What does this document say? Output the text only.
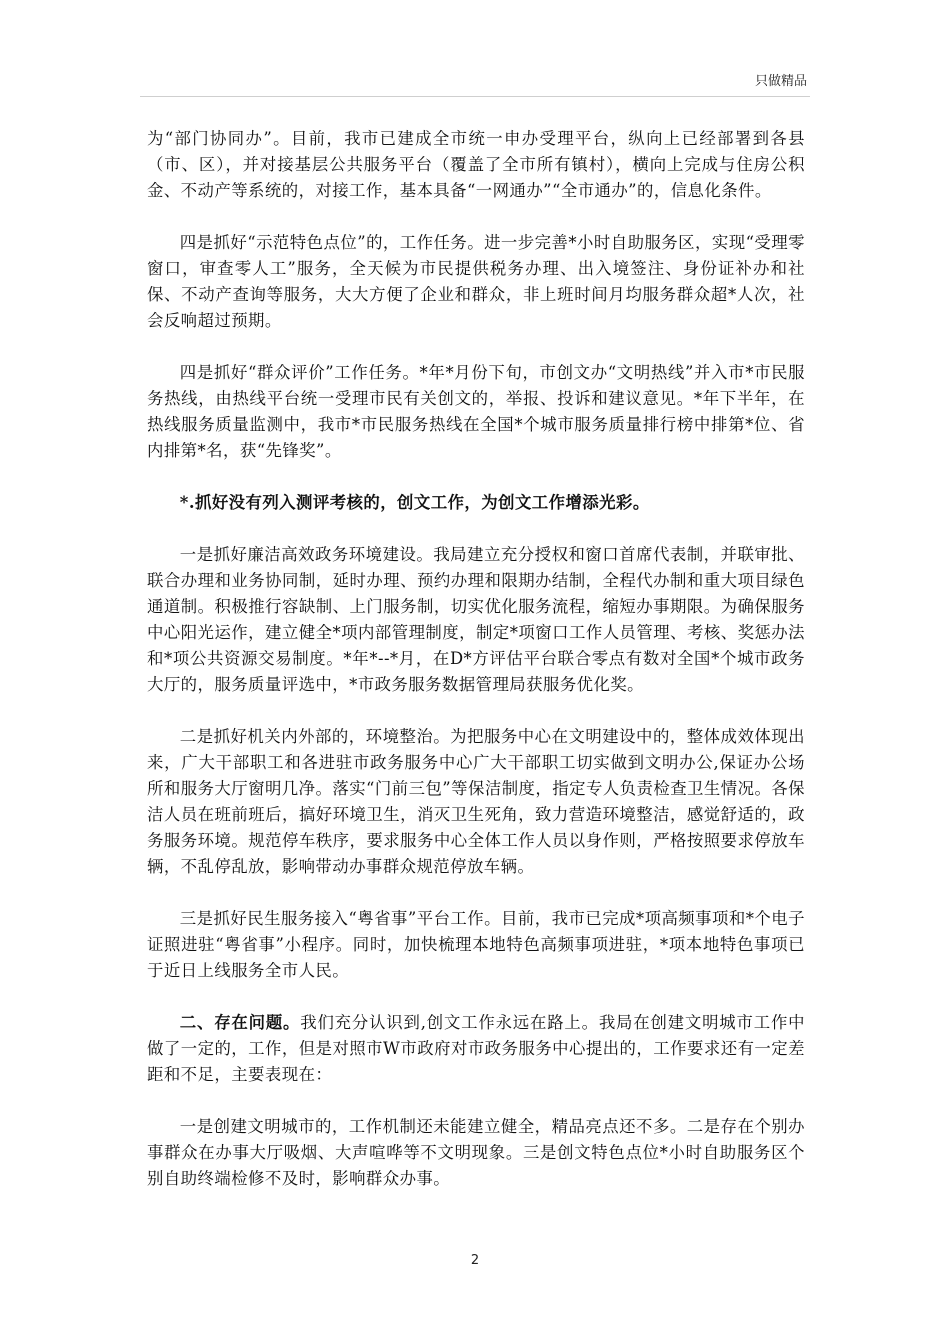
只做精品

为“部门协同办”。目前，我市已建成全市统一申办受理平台，纵向上已经部署到各县（市、区），并对接基层公共服务平台（覆盖了全市所有镇村），横向上完成与住房公积金、不动产等系统的，对接工作，基本具备“一网通办”“全市通办”的，信息化条件。

四是抓好“示范特色点位”的，工作任务。进一步完善*小时自助服务区，实现“受理零窗口，审查零人工”服务，全天候为市民提供税务办理、出入境签注、身份证补办和社保、不动产查询等服务，大大方便了企业和群众，非上班时间月均服务群众超*人次，社会反响超过预期。

四是抓好“群众评价”工作任务。*年*月份下旬，市创文办“文明热线”并入市*市民服务热线，由热线平台统一受理市民有关创文的，举报、投诉和建议意见。*年下半年，在热线服务质量监测中，我市*市民服务热线在全国*个城市服务质量排行榜中排第*位、省内排第*名，获“先锋奖”。

*.抓好没有列入测评考核的，创文工作，为创文工作增添光彩。

一是抓好廉洁高效政务环境建设。我局建立充分授权和窗口首席代表制，并联审批、联合办理和业务协同制，延时办理、预约办理和限期办结制，全程代办制和重大项目绿色通道制。积极推行容缺制、上门服务制，切实优化服务流程，缩短办事期限。为确保服务中心阳光运作，建立健全*项内部管理制度，制定*项窗口工作人员管理、考核、奖惩办法和*项公共资源交易制度。*年*--*月，在D*方评估平台联合零点有数对全国*个城市政务大厅的，服务质量评选中，*市政务服务数据管理局获服务优化奖。

二是抓好机关内外部的，环境整治。为把服务中心在文明建设中的，整体成效体现出来，广大干部职工和各进驻市政务服务中心广大干部职工切实做到文明办公,保证办公场所和服务大厅窗明几净。落实“门前三包”等保洁制度，指定专人负责检查卫生情况。各保洁人员在班前班后，搞好环境卫生，消灭卫生死角，致力营造环境整洁，感觉舒适的，政务服务环境。规范停车秩序，要求服务中心全体工作人员以身作则，严格按照要求停放车辆，不乱停乱放，影响带动办事群众规范停放车辆。

三是抓好民生服务接入“粤省事”平台工作。目前，我市已完成*项高频事项和*个电子证照进驻“粤省事”小程序。同时，加快梳理本地特色高频事项进驻，*项本地特色事项已于近日上线服务全市人民。

二、存在问题。我们充分认识到,创文工作永远在路上。我局在创建文明城市工作中做了一定的，工作，但是对照市W市政府对市政务服务中心提出的，工作要求还有一定差距和不足，主要表现在：

一是创建文明城市的，工作机制还未能建立健全，精品亮点还不多。二是存在个别办事群众在办事大厅吸烟、大声喧哗等不文明现象。三是创文特色点位*小时自助服务区个别自助终端检修不及时，影响群众办事。

2
